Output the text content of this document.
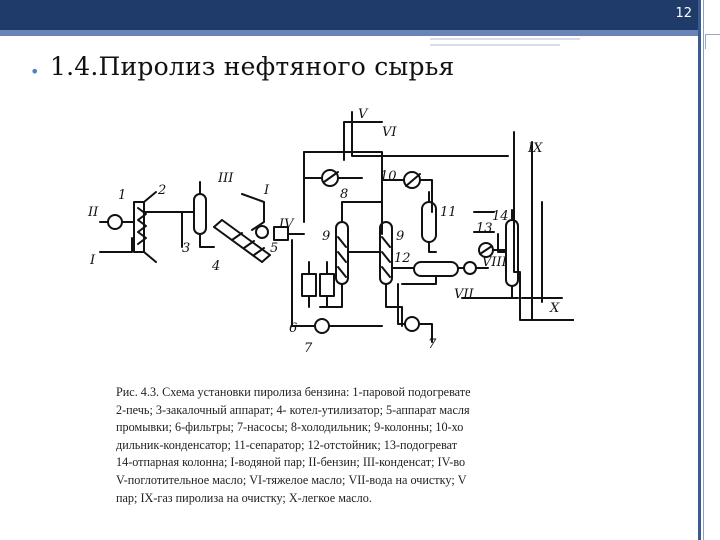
12
• 1.4.Пиролиз нефтяного сырья
II
I
1 2
3
III
I
4
IV
5
6
7
V
VI
8
10
9	9
11
12
13
14
VII
VIII
IX
X
7
Рис. 4.3. Схема установки пиролиза бензина: 1-паровой подогревате
2-печь; 3-закалочный аппарат; 4- котел-утилизатор; 5-аппарат масля
промывки; 6-фильтры; 7-насосы; 8-холодильник; 9-колонны; 10-хо
дильник-конденсатор; 11-сепаратор; 12-отстойник; 13-подогреват
14-отпарная колонна; I-водяной пар; II-бензин; III-конденсат; IV-во
V-поглотительное масло; VI-тяжелое масло; VII-вода на очистку; V
пар; IX-газ пиролиза на очистку; X-легкое масло.
